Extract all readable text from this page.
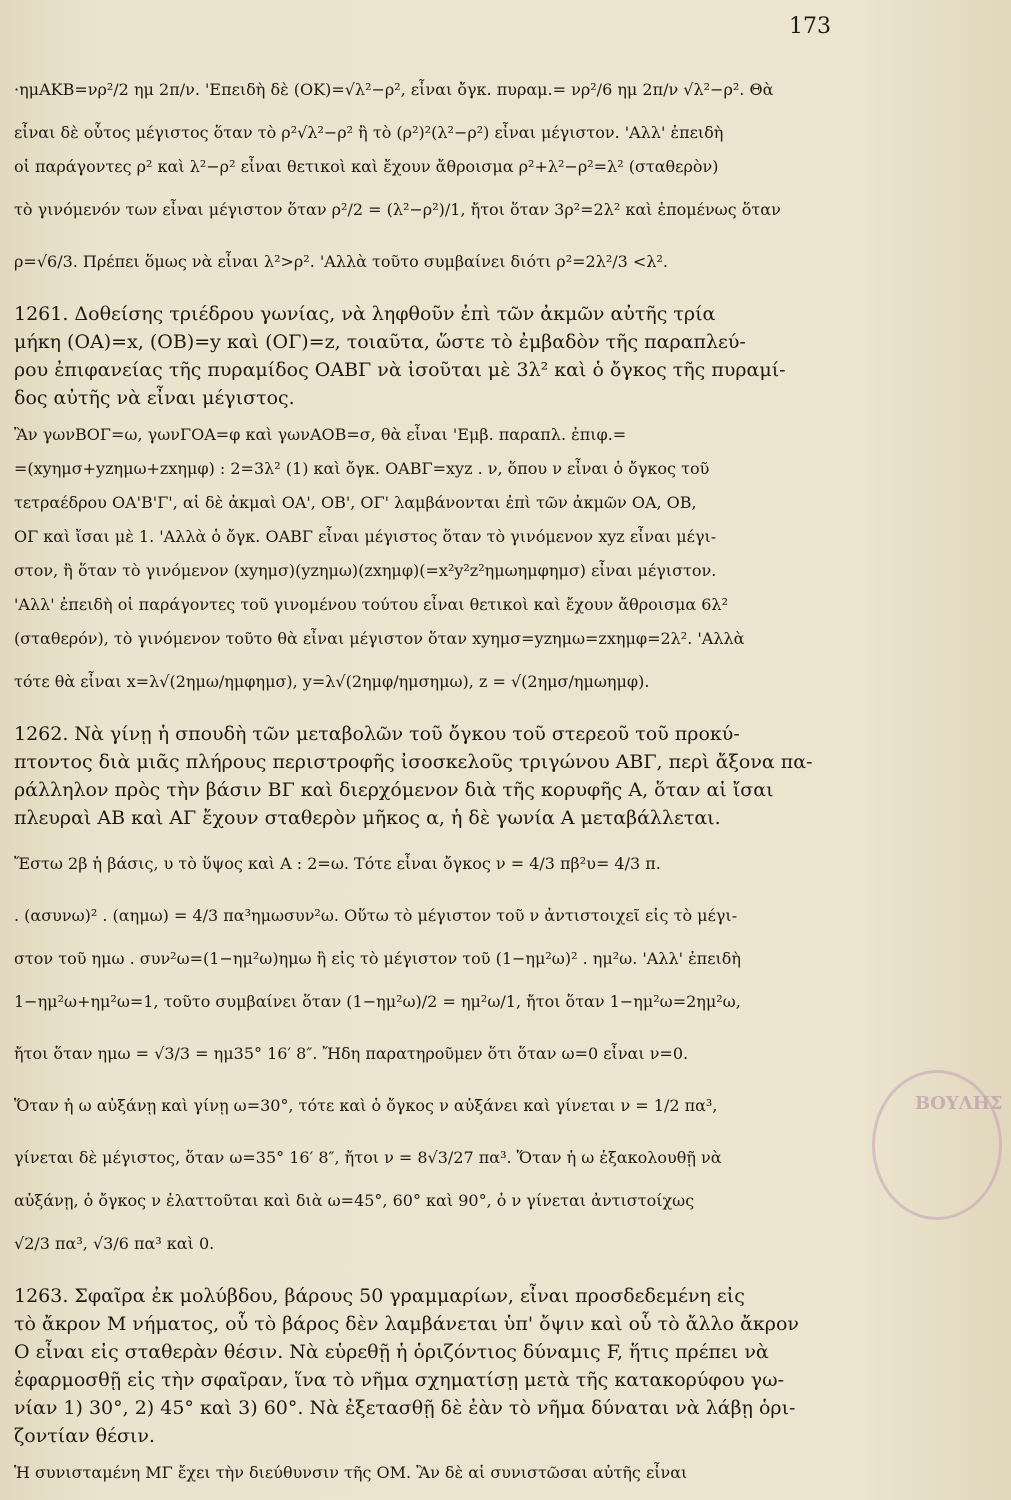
173
·ημΑΚΒ=νρ²/2 ημ 2π/ν. 'Επειδὴ δὲ (ΟΚ)=√λ²−ρ², εἶναι ὄγκ. πυραμ.= νρ²/6 ημ 2π/ν √λ²−ρ². Θὰ
εἶναι δὲ οὗτος μέγιστος ὅταν τὸ ρ²√λ²−ρ² ἢ τὸ (ρ²)²(λ²−ρ²) εἶναι μέγιστον. 'Αλλ' ἐπειδὴ
οἱ παράγοντες ρ² καὶ λ²−ρ² εἶναι θετικοὶ καὶ ἔχουν ἄθροισμα ρ²+λ²−ρ²=λ² (σταθερὸν)
τὸ γινόμενόν των εἶναι μέγιστον ὅταν ρ²/2 = (λ²−ρ²)/1, ἤτοι ὅταν 3ρ²=2λ² καὶ ἑπομένως ὅταν
ρ=√6/3. Πρέπει ὅμως νὰ εἶναι λ²>ρ². 'Αλλὰ τοῦτο συμβαίνει διότι ρ²=2λ²/3 <λ².
1261. Δοθείσης τριέδρου γωνίας, νὰ ληφθοῦν ἐπὶ τῶν ἀκμῶν αὐτῆς τρία
μήκη (ΟΑ)=x, (ΟΒ)=y καὶ (ΟΓ)=z, τοιαῦτα, ὥστε τὸ ἐμβαδὸν τῆς παραπλεύ-
ρου ἐπιφανείας τῆς πυραμίδος ΟΑΒΓ νὰ ἰσοῦται μὲ 3λ² καὶ ὁ ὄγκος τῆς πυραμί-
δος αὐτῆς νὰ εἶναι μέγιστος.
Ἂν γωνΒΟΓ=ω, γωνΓΟΑ=φ καὶ γωνΑΟΒ=σ, θὰ εἶναι 'Εμβ. παραπλ. ἐπιφ.=
=(xyημσ+yzημω+zxημφ) : 2=3λ² (1) καὶ ὄγκ. ΟΑΒΓ=xyz . ν, ὅπου ν εἶναι ὁ ὄγκος τοῦ
τετραέδρου ΟΑ'Β'Γ', αἱ δὲ ἀκμαὶ ΟΑ', ΟΒ', ΟΓ' λαμβάνονται ἐπὶ τῶν ἀκμῶν ΟΑ, ΟΒ,
ΟΓ καὶ ἴσαι μὲ 1. 'Αλλὰ ὁ ὄγκ. ΟΑΒΓ εἶναι μέγιστος ὅταν τὸ γινόμενον xyz εἶναι μέγι-
στον, ἢ ὅταν τὸ γινόμενον (xyημσ)(yzημω)(zxημφ)(=x²y²z²ημωημφημσ) εἶναι μέγιστον.
'Αλλ' ἐπειδὴ οἱ παράγοντες τοῦ γινομένου τούτου εἶναι θετικοὶ καὶ ἔχουν ἄθροισμα 6λ²
(σταθερόν), τὸ γινόμενον τοῦτο θὰ εἶναι μέγιστον ὅταν xyημσ=yzημω=zxημφ=2λ². 'Αλλὰ
τότε θὰ εἶναι x=λ√(2ημω/ημφημσ), y=λ√(2ημφ/ημσημω), z = √(2ημσ/ημωημφ).
1262. Νὰ γίνῃ ἡ σπουδὴ τῶν μεταβολῶν τοῦ ὄγκου τοῦ στερεοῦ τοῦ προκύ-
πτοντος διὰ μιᾶς πλήρους περιστροφῆς ἰσοσκελοῦς τριγώνου ΑΒΓ, περὶ ἄξονα πα-
ράλληλον πρὸς τὴν βάσιν ΒΓ καὶ διερχόμενον διὰ τῆς κορυφῆς Α, ὅταν αἱ ἴσαι
πλευραὶ ΑΒ καὶ ΑΓ ἔχουν σταθερὸν μῆκος α, ἡ δὲ γωνία Α μεταβάλλεται.
Ἔστω 2β ἡ βάσις, υ τὸ ὕψος καὶ Α : 2=ω. Τότε εἶναι ὄγκος ν = 4/3 πβ²υ= 4/3 π.
. (ασυνω)² . (αημω) = 4/3 πα³ημωσυν²ω. Οὕτω τὸ μέγιστον τοῦ ν ἀντιστοιχεῖ εἰς τὸ μέγι-
στον τοῦ ημω . συν²ω=(1−ημ²ω)ημω ἢ εἰς τὸ μέγιστον τοῦ (1−ημ²ω)² . ημ²ω. 'Αλλ' ἐπειδὴ
1−ημ²ω+ημ²ω=1, τοῦτο συμβαίνει ὅταν (1−ημ²ω)/2 = ημ²ω/1, ἤτοι ὅταν 1−ημ²ω=2ημ²ω,
ἤτοι ὅταν ημω = √3/3 = ημ35° 16′ 8″. Ἤδη παρατηροῦμεν ὅτι ὅταν ω=0 εἶναι ν=0.
Ὅταν ἡ ω αὐξάνῃ καὶ γίνῃ ω=30°, τότε καὶ ὁ ὄγκος ν αὐξάνει καὶ γίνεται ν = 1/2 πα³,
γίνεται δὲ μέγιστος, ὅταν ω=35° 16′ 8″, ἤτοι ν = 8√3/27 πα³. Ὅταν ἡ ω ἐξακολουθῇ νὰ
αὐξάνῃ, ὁ ὄγκος ν ἐλαττοῦται καὶ διὰ ω=45°, 60° καὶ 90°, ὁ ν γίνεται ἀντιστοίχως
√2/3 πα³, √3/6 πα³ καὶ 0.
1263. Σφαῖρα ἐκ μολύβδου, βάρους 50 γραμμαρίων, εἶναι προσδεδεμένη εἰς
τὸ ἄκρον Μ νήματος, οὗ τὸ βάρος δὲν λαμβάνεται ὑπ' ὄψιν καὶ οὗ τὸ ἄλλο ἄκρον
Ο εἶναι εἰς σταθερὰν θέσιν. Νὰ εὑρεθῇ ἡ ὁριζόντιος δύναμις F, ἥτις πρέπει νὰ
ἐφαρμοσθῇ εἰς τὴν σφαῖραν, ἵνα τὸ νῆμα σχηματίσῃ μετὰ τῆς κατακορύφου γω-
νίαν 1) 30°, 2) 45° καὶ 3) 60°. Νὰ ἐξετασθῇ δὲ ἐὰν τὸ νῆμα δύναται νὰ λάβῃ ὁρι-
ζοντίαν θέσιν.
Ἡ συνισταμένη ΜΓ ἔχει τὴν διεύθυνσιν τῆς ΟΜ. Ἂν δὲ αἱ συνιστῶσαι αὐτῆς εἶναι
ΒΟΥΛΗΣ
